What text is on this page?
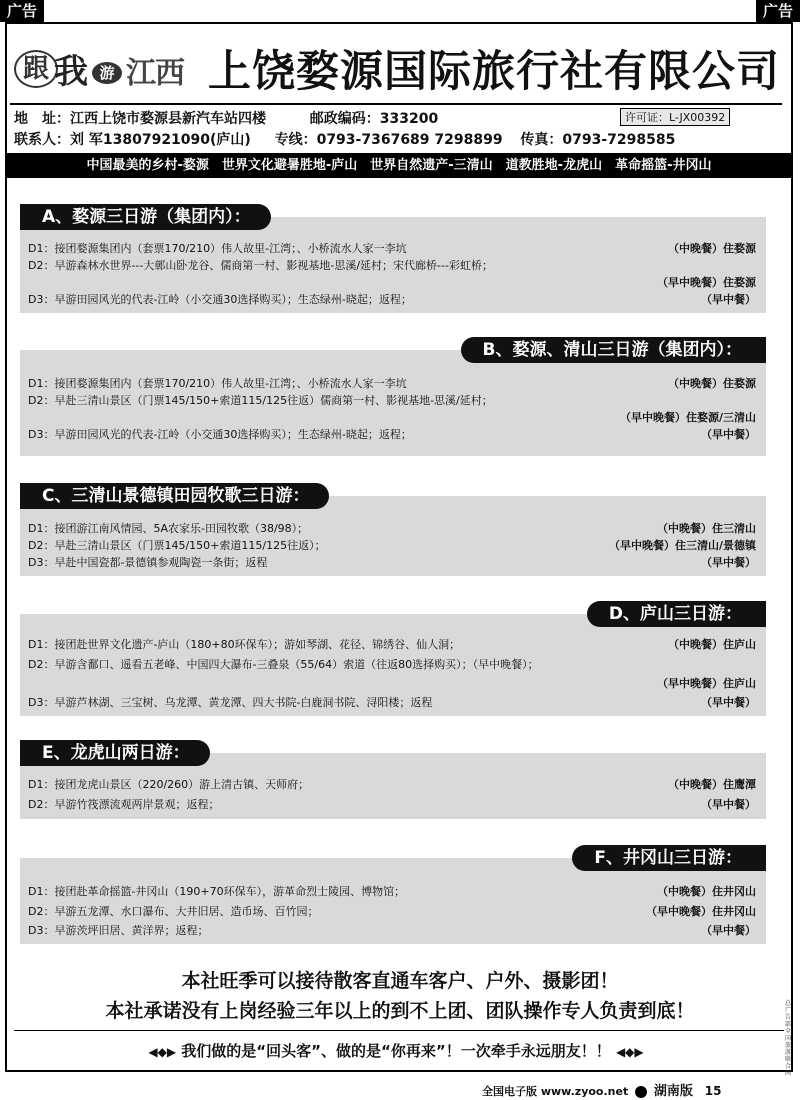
广告	广告
跟 我 游 江西 上饶婺源国际旅行社有限公司
地　址：江西上饶市婺源县新汽车站四楼	邮政编码：333200	许可证：L-JX00392
联系人：刘 军13807921090(庐山) 专线：0793-7367689 7298899 传真：0793-7298585
中国最美的乡村-婺源　世界文化避暑胜地-庐山　世界自然遗产-三清山　道教胜地-龙虎山　革命摇篮-井冈山
A、婺源三日游（集团内）：
D1：接团婺源集团内（套票170/210）伟人故里-江湾；、小桥流水人家一李坑	（中晚餐）住婺源
D2：早游森林水世界---大鄣山卧龙谷、儒商第一村、影视基地-思溪/延村；宋代廊桥---彩虹桥；
（早中晚餐）住婺源
D3：早游田园风光的代表-江岭（小交通30选择购买）；生态绿州-晓起；返程；	（早中餐）
B、婺源、清山三日游（集团内）：
D1：接团婺源集团内（套票170/210）伟人故里-江湾；、小桥流水人家一李坑	（中晚餐）住婺源
D2：早赴三清山景区（门票145/150+索道115/125往返）儒商第一村、影视基地-思溪/延村；
（早中晚餐）住婺源/三清山
D3：早游田园风光的代表-江岭（小交通30选择购买）；生态绿州-晓起；返程；	（早中餐）
C、三清山景德镇田园牧歌三日游：
D1：接团游江南风情园、5A农家乐-田园牧歌（38/98）；	（中晚餐）住三清山
D2：早赴三清山景区（门票145/150+索道115/125往返）；	（早中晚餐）住三清山/景德镇
D3：早赴中国瓷都-景德镇参观陶瓷一条街；返程	（早中餐）
D、庐山三日游：
D1：接团赴世界文化遗产-庐山（180+80环保车）；游如琴湖、花径、锦绣谷、仙人洞；	（中晚餐）住庐山
D2：早游含鄱口、遥看五老峰、中国四大瀑布-三叠泉（55/64）索道（往返80选择购买）；（早中晚餐）；
（早中晚餐）住庐山
D3：早游芦林湖、三宝树、乌龙潭、黄龙潭、四大书院-白鹿洞书院、浔阳楼；返程	（早中餐）
E、龙虎山两日游：
D1：接团龙虎山景区（220/260）游上清古镇、天师府；	（中晚餐）住鹰潭
D2：早游竹筏漂流观两岸景观；返程；	（早中餐）
F、井冈山三日游：
D1：接团赴革命摇篮-井冈山（190+70环保车），游革命烈士陵园、博物馆；	（中晚餐）住井冈山
D2：早游五龙潭、水口瀑布、大井旧居、造币场、百竹园；	（早中晚餐）住井冈山
D3：早游茨坪旧居、黄洋界；返程；	（早中餐）
本社旺季可以接待散客直通车客户、户外、摄影团！
本社承诺没有上岗经验三年以上的到不上团、团队操作专人负责到底！
◀◆▶ 我们做的是“回头客”、做的是“你再来”！一次牵手永远朋友！！ ◀◆▶
总广告部全国旅游联合网
全国电子版 www.zyoo.net 湖南版 15
